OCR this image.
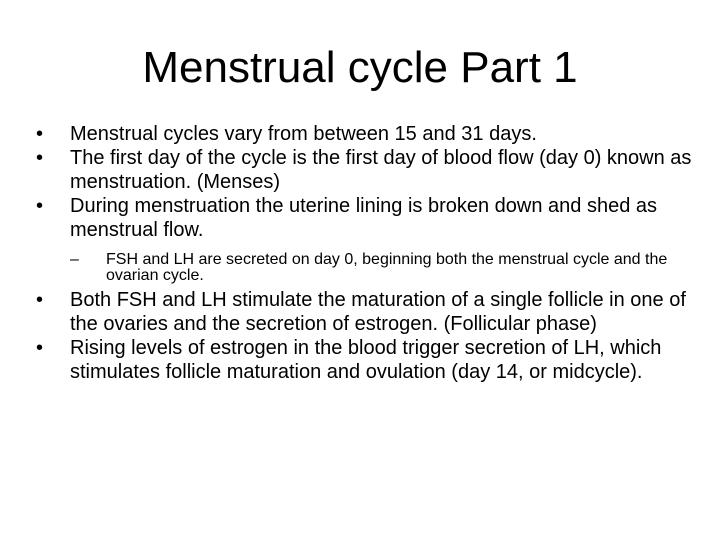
Menstrual cycle Part 1
•	Menstrual cycles vary from between 15 and 31 days.
•	The first day of the cycle is the first day of blood flow (day 0) known as menstruation. (Menses)
•	During menstruation the uterine lining is broken down and shed as menstrual flow.
– FSH and LH are secreted on day 0, beginning both the menstrual cycle and the ovarian cycle.
•	Both FSH and LH stimulate the maturation of a single follicle in one of the ovaries and the secretion of estrogen. (Follicular phase)
•	Rising levels of estrogen in the blood trigger secretion of LH, which stimulates follicle maturation and ovulation (day 14, or midcycle).
